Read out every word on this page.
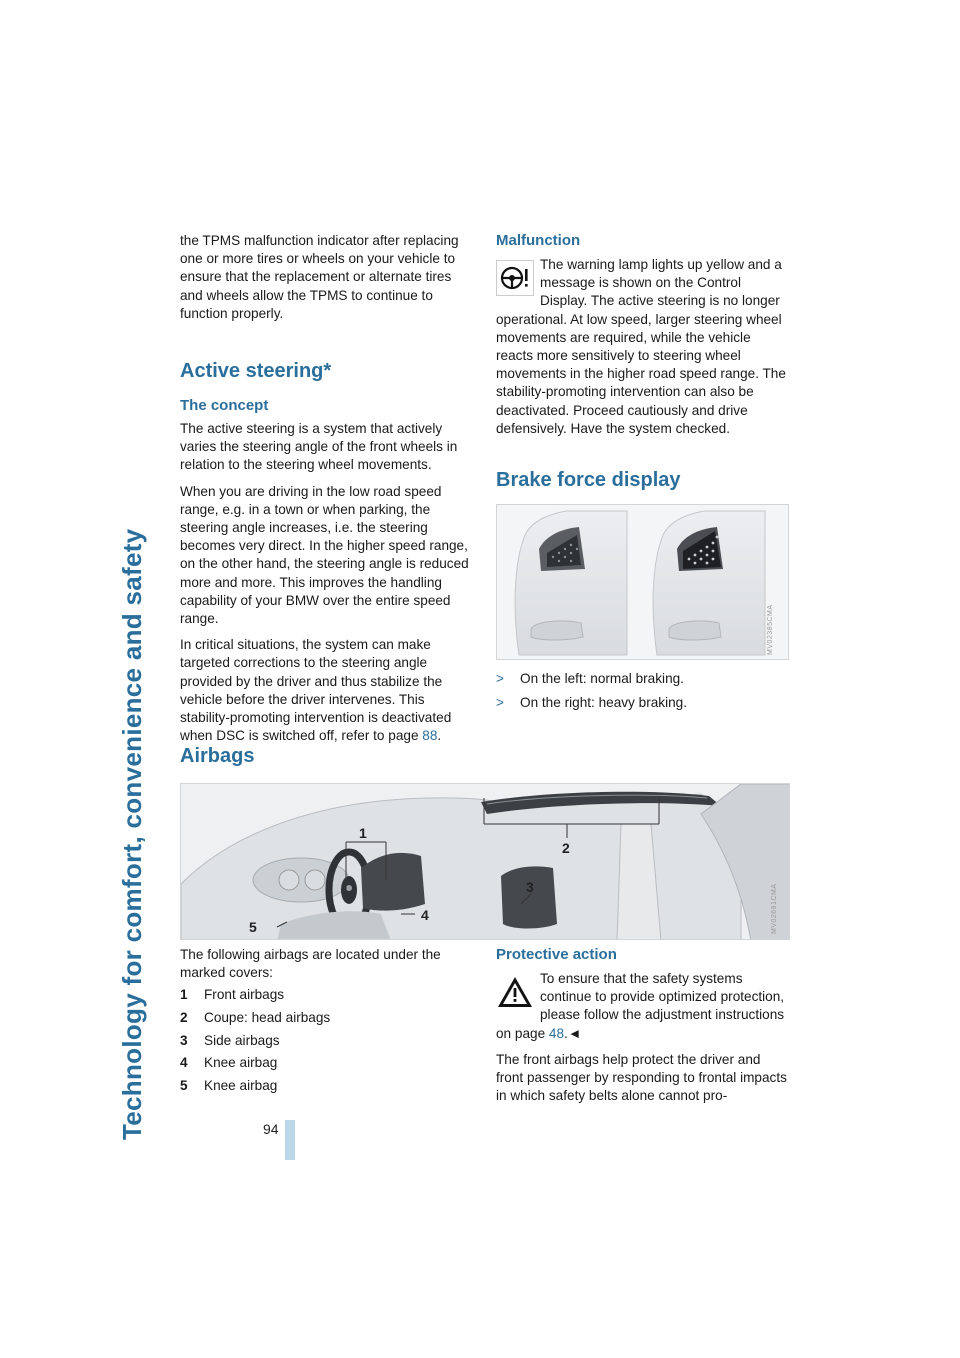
Technology for comfort, convenience and safety	94

the TPMS malfunction indicator after replacing one or more tires or wheels on your vehicle to ensure that the replacement or alternate tires and wheels allow the TPMS to continue to function properly.

Active steering*
The concept

The active steering is a system that actively varies the steering angle of the front wheels in relation to the steering wheel movements.

When you are driving in the low road speed range, e.g. in a town or when parking, the steering angle increases, i.e. the steering becomes very direct. In the higher speed range, on the other hand, the steering angle is reduced more and more. This improves the handling capability of your BMW over the entire speed range.

In critical situations, the system can make targeted corrections to the steering angle provided by the driver and thus stabilize the vehicle before the driver intervenes. This stability-promoting intervention is deactivated when DSC is switched off, refer to page 88.

Malfunction

The warning lamp lights up yellow and a message is shown on the Control Display. The active steering is no longer operational. At low speed, larger steering wheel movements are required, while the vehicle reacts more sensitively to steering wheel movements in the higher road speed range. The stability-promoting intervention can also be deactivated. Proceed cautiously and drive defensively. Have the system checked.

Brake force display
>	On the left: normal braking.
>	On the right: heavy braking.
MV02385CMA
Airbags
1
2
3
4
5	MV02691CMA

The following airbags are located under the marked covers:

1	Front airbags
2	Coupe: head airbags
3	Side airbags
4	Knee airbag
5	Knee airbag
Protective action

To ensure that the safety systems continue to provide optimized protection, please follow the adjustment instructions on page 48.◄

The front airbags help protect the driver and front passenger by responding to frontal impacts in which safety belts alone cannot pro-
